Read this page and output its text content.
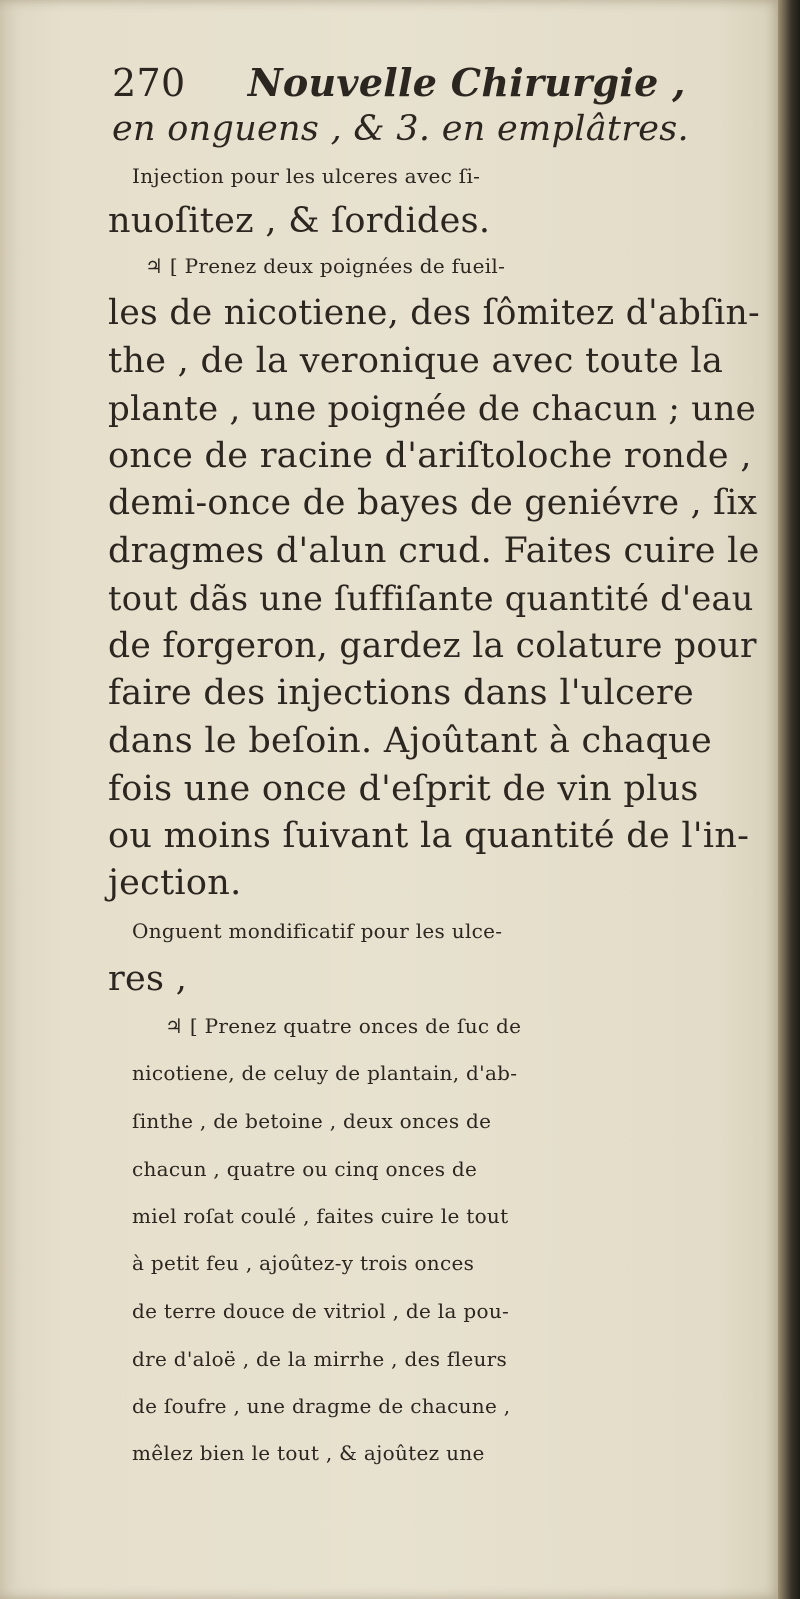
270 Nouvelle Chirurgie ,
en onguens , & 3. en emplâtres.
Injection pour les ulceres avec ſi-
nuoſitez , & ſordides.
♃ [ Prenez deux poignées de fueil-
les de nicotiene, des ſômitez d'abſin-
the , de la veronique avec toute la
plante , une poignée de chacun ; une
once de racine d'ariſtoloche ronde ,
demi-once de bayes de geniévre , ſix
dragmes d'alun crud. Faites cuire le
tout dãs une ſuffiſante quantité d'eau
de forgeron, gardez la colature pour
faire des injections dans l'ulcere
dans le beſoin. Ajoûtant à chaque
fois une once d'eſprit de vin plus
ou moins ſuivant la quantité de l'in-
jection.
Onguent mondificatif pour les ulce-
res ,
♃ [ Prenez quatre onces de ſuc de
nicotiene, de celuy de plantain, d'ab-
ſinthe , de betoine , deux onces de
chacun , quatre ou cinq onces de
miel roſat coulé , faites cuire le tout
à petit feu , ajoûtez-y trois onces
de terre douce de vitriol , de la pou-
dre d'aloë , de la mirrhe , des fleurs
de ſoufre , une dragme de chacune ,
mêlez bien le tout , & ajoûtez une
